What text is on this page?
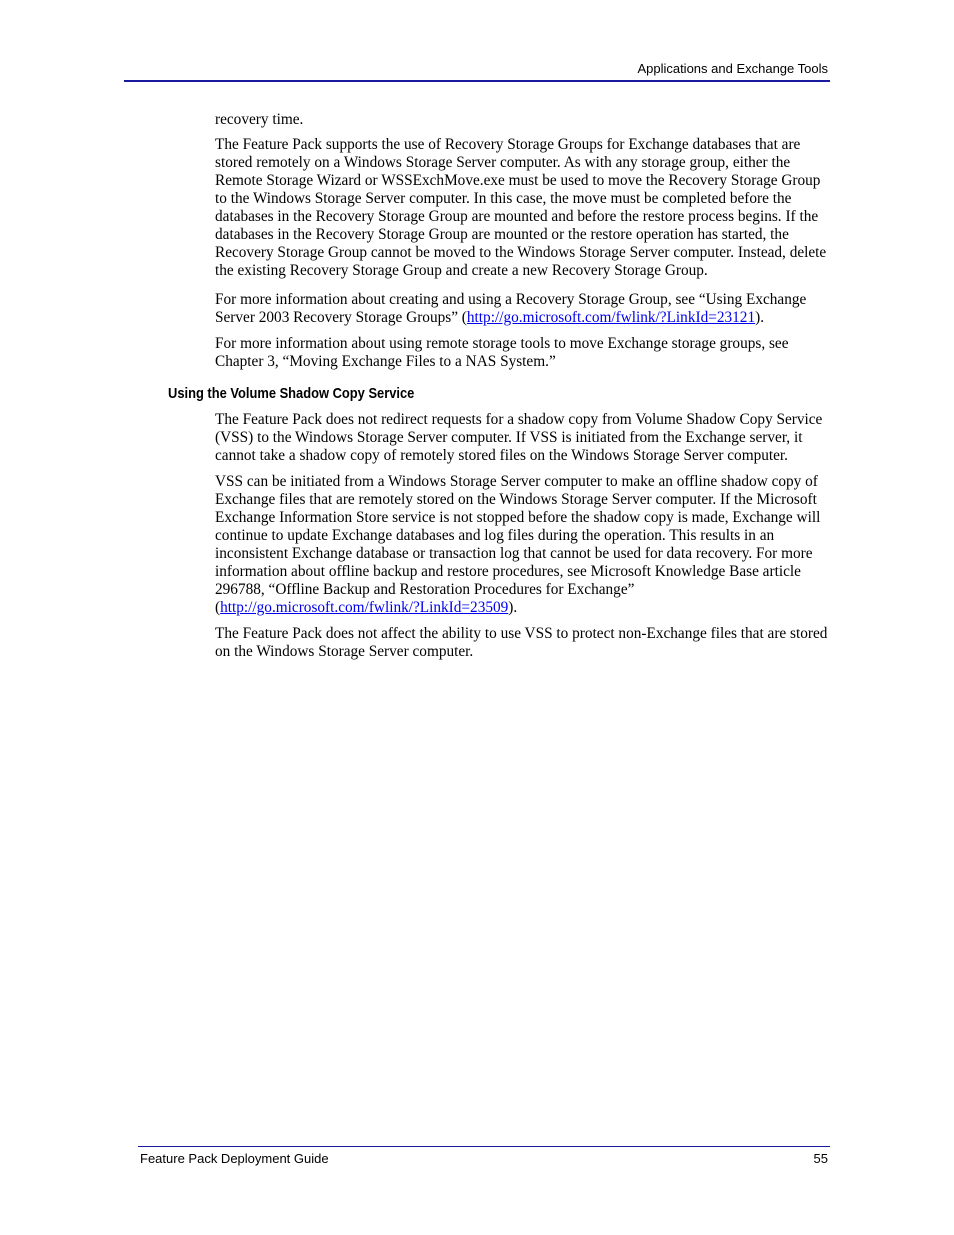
Applications and Exchange Tools

recovery time.

The Feature Pack supports the use of Recovery Storage Groups for Exchange databases that are stored remotely on a Windows Storage Server computer. As with any storage group, either the Remote Storage Wizard or WSSExchMove.exe must be used to move the Recovery Storage Group to the Windows Storage Server computer. In this case, the move must be completed before the databases in the Recovery Storage Group are mounted and before the restore process begins. If the databases in the Recovery Storage Group are mounted or the restore operation has started, the Recovery Storage Group cannot be moved to the Windows Storage Server computer. Instead, delete the existing Recovery Storage Group and create a new Recovery Storage Group.

For more information about creating and using a Recovery Storage Group, see “Using Exchange Server 2003 Recovery Storage Groups” (http://go.microsoft.com/fwlink/?LinkId=23121).

For more information about using remote storage tools to move Exchange storage groups, see Chapter 3, “Moving Exchange Files to a NAS System.”

Using the Volume Shadow Copy Service

The Feature Pack does not redirect requests for a shadow copy from Volume Shadow Copy Service (VSS) to the Windows Storage Server computer. If VSS is initiated from the Exchange server, it cannot take a shadow copy of remotely stored files on the Windows Storage Server computer.

VSS can be initiated from a Windows Storage Server computer to make an offline shadow copy of Exchange files that are remotely stored on the Windows Storage Server computer. If the Microsoft Exchange Information Store service is not stopped before the shadow copy is made, Exchange will continue to update Exchange databases and log files during the operation. This results in an inconsistent Exchange database or transaction log that cannot be used for data recovery. For more information about offline backup and restore procedures, see Microsoft Knowledge Base article 296788, “Offline Backup and Restoration Procedures for Exchange” (http://go.microsoft.com/fwlink/?LinkId=23509).

The Feature Pack does not affect the ability to use VSS to protect non-Exchange files that are stored on the Windows Storage Server computer.

Feature Pack Deployment Guide	55
